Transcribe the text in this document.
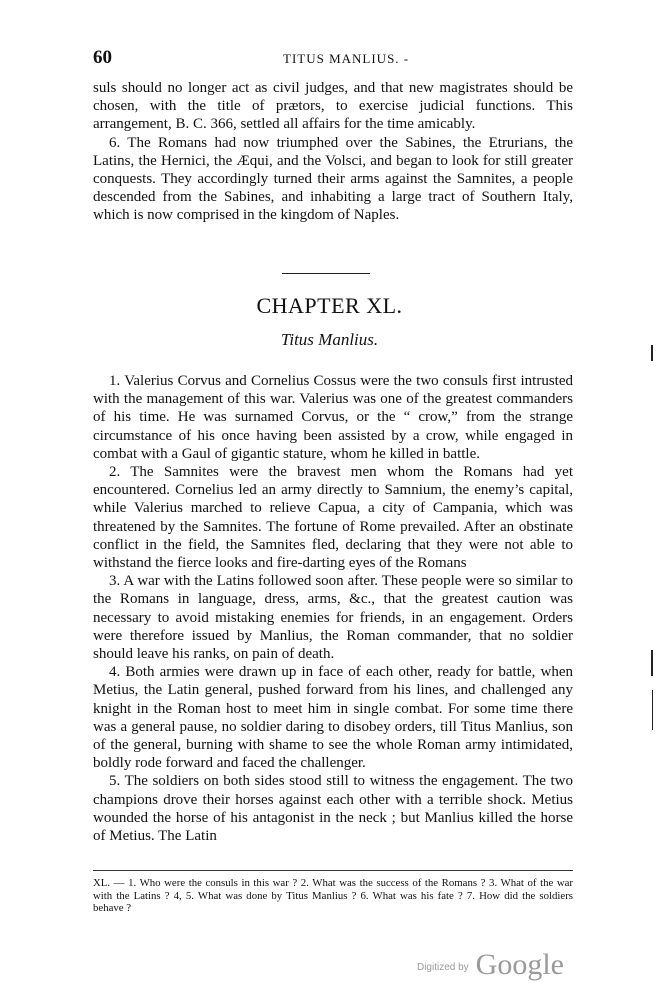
60	TITUS MANLIUS. -

suls should no longer act as civil judges, and that new magistrates should be chosen, with the title of prætors, to exercise judicial functions. This arrangement, B. C. 366, settled all affairs for the time amicably.

6. The Romans had now triumphed over the Sabines, the Etrurians, the Latins, the Hernici, the Æqui, and the Volsci, and began to look for still greater conquests. They accordingly turned their arms against the Samnites, a people descended from the Sabines, and inhabiting a large tract of Southern Italy, which is now comprised in the kingdom of Naples.

CHAPTER XL.
Titus Manlius.

1. Valerius Corvus and Cornelius Cossus were the two consuls first intrusted with the management of this war. Valerius was one of the greatest commanders of his time. He was surnamed Corvus, or the “ crow,” from the strange circumstance of his once having been assisted by a crow, while engaged in combat with a Gaul of gigantic stature, whom he killed in battle.

2. The Samnites were the bravest men whom the Romans had yet encountered. Cornelius led an army directly to Samnium, the enemy’s capital, while Valerius marched to relieve Capua, a city of Campania, which was threatened by the Samnites. The fortune of Rome prevailed. After an obstinate conflict in the field, the Samnites fled, declaring that they were not able to withstand the fierce looks and fire-darting eyes of the Romans

3. A war with the Latins followed soon after. These people were so similar to the Romans in language, dress, arms, &c., that the greatest caution was necessary to avoid mistaking enemies for friends, in an engagement. Orders were therefore issued by Manlius, the Roman commander, that no soldier should leave his ranks, on pain of death.

4. Both armies were drawn up in face of each other, ready for battle, when Metius, the Latin general, pushed forward from his lines, and challenged any knight in the Roman host to meet him in single combat. For some time there was a general pause, no soldier daring to disobey orders, till Titus Manlius, son of the general, burning with shame to see the whole Roman army intimidated, boldly rode forward and faced the challenger.

5. The soldiers on both sides stood still to witness the engagement. The two champions drove their horses against each other with a terrible shock. Metius wounded the horse of his antagonist in the neck ; but Manlius killed the horse of Metius. The Latin

XL. — 1. Who were the consuls in this war ? 2. What was the success of the Romans ? 3. What of the war with the Latins ? 4, 5. What was done by Titus Manlius ? 6. What was his fate ? 7. How did the soldiers behave ?
$^{Digitized by}$ Google
